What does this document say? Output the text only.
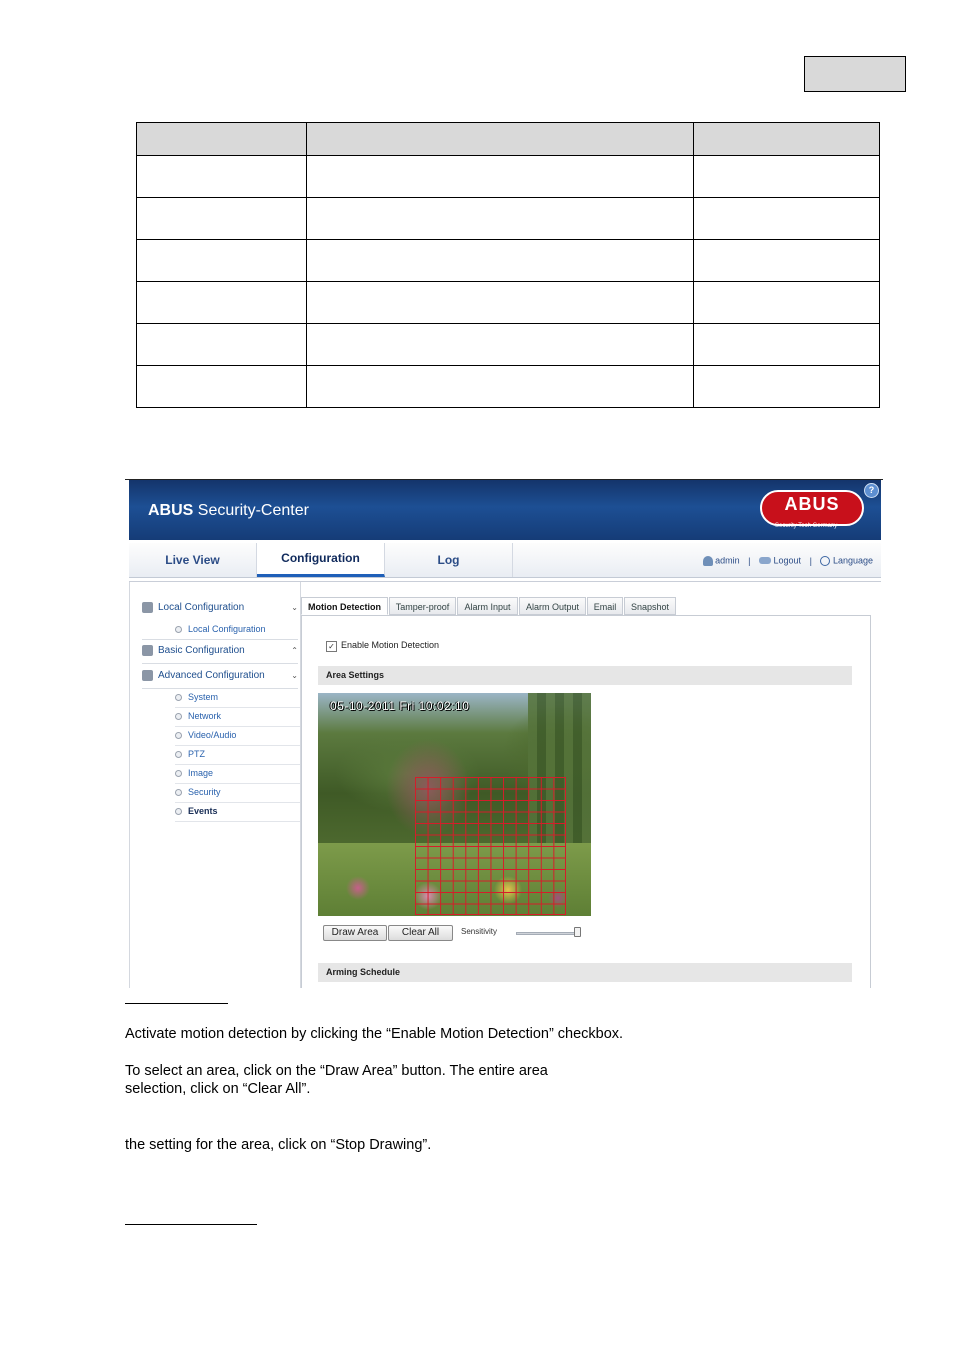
ABUS Security-Center	ABUS
Security Tech Germany
?
Live View	Configuration	Log	admin |	Logout | Language
Local Configuration	⌄
Local Configuration
Basic Configuration	⌃
Advanced Configuration	⌄
System
Network
Video/Audio
PTZ
Image
Security
Events
Motion Detection	Tamper-proof	Alarm Input	Alarm Output	Email	Snapshot
✓ Enable Motion Detection
Area Settings
05-10-2011 Fri 10:02:10
Draw Area	Clear All	Sensitivity
Arming Schedule
Activate motion detection by clicking the “Enable Motion Detection” checkbox.
To select an area, click on the “Draw Area” button. The entire area
selection, click on “Clear All”.
the setting for the area, click on “Stop Drawing”.
